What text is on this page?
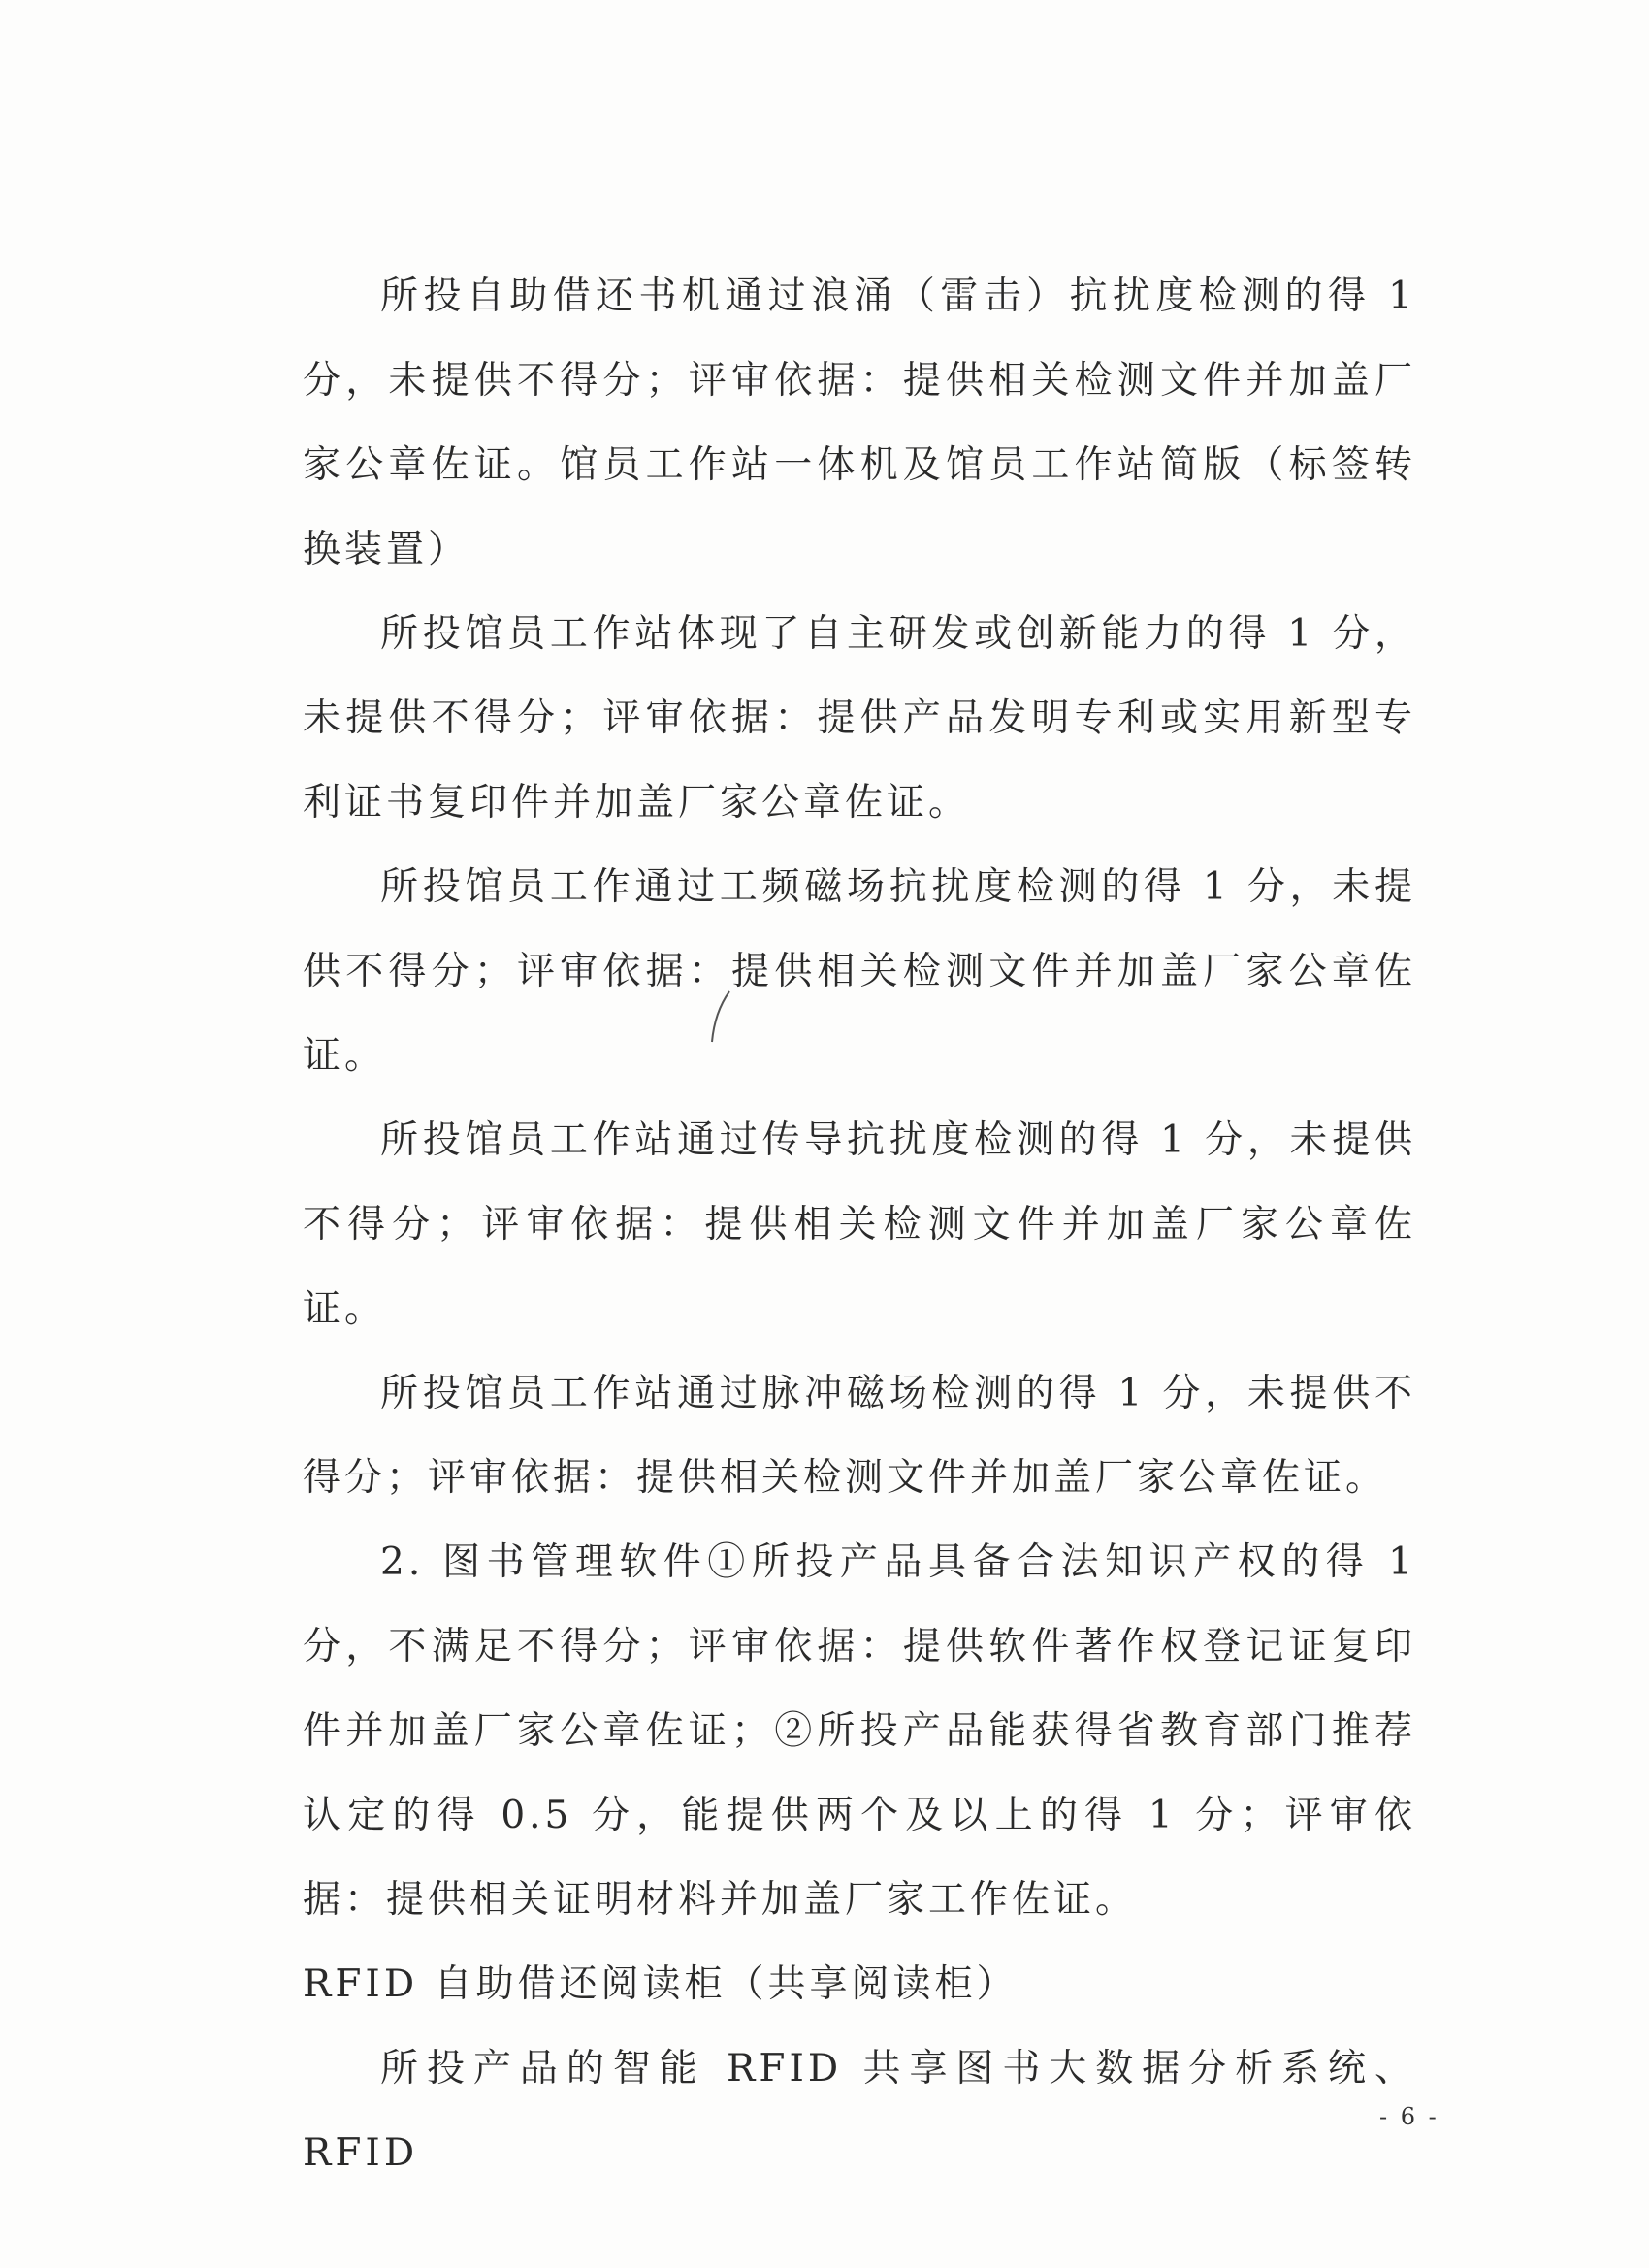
所投自助借还书机通过浪涌（雷击）抗扰度检测的得 1 分，未提供不得分；评审依据：提供相关检测文件并加盖厂家公章佐证。馆员工作站一体机及馆员工作站简版（标签转换装置）

所投馆员工作站体现了自主研发或创新能力的得 1 分，未提供不得分；评审依据：提供产品发明专利或实用新型专利证书复印件并加盖厂家公章佐证。

所投馆员工作通过工频磁场抗扰度检测的得 1 分，未提供不得分；评审依据：提供相关检测文件并加盖厂家公章佐证。

所投馆员工作站通过传导抗扰度检测的得 1 分，未提供不得分；评审依据：提供相关检测文件并加盖厂家公章佐证。

所投馆员工作站通过脉冲磁场检测的得 1 分，未提供不得分；评审依据：提供相关检测文件并加盖厂家公章佐证。

2. 图书管理软件①所投产品具备合法知识产权的得 1 分，不满足不得分；评审依据：提供软件著作权登记证复印件并加盖厂家公章佐证；②所投产品能获得省教育部门推荐认定的得 0.5 分，能提供两个及以上的得 1 分；评审依据：提供相关证明材料并加盖厂家工作佐证。

RFID 自助借还阅读柜（共享阅读柜）

所投产品的智能 RFID 共享图书大数据分析系统、RFID

- 6 -
